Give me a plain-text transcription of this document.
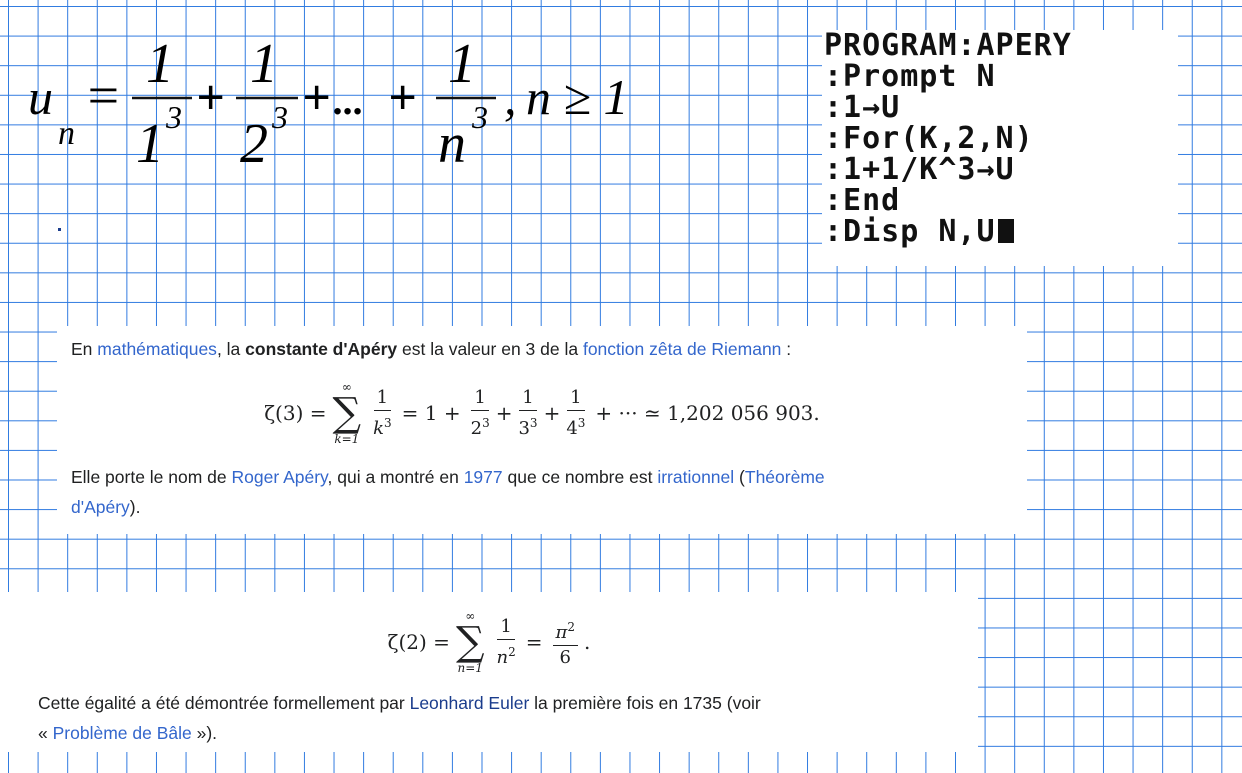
u
n
=
1
1 3 +
1
2 3 + ... +
1
n 3 , n ≥ 1
PROGRAM:APERY
:Prompt N
:1→U
:For(K,2,N)
:1+1/K^3→U
:End
:Disp N,U
En mathématiques, la constante d'Apéry est la valeur en 3 de la fonction zêta de Riemann :
ζ(3) =
∞
∑
$k=1 \frac{1}{k^3} = 1 + \frac{1}{2^3} + \frac{1}{3^3} + \frac{1}{4^3}$ + ··· ≃ 1,202 056 903.
Elle porte le nom de Roger Apéry, qui a montré en 1977 que ce nombre est irrationnel (Théorème
d'Apéry).
ζ(2) =
∞
∑
$n=1 \frac{1}{n^2} = \frac{\pi^2}{6}$ .
Cette égalité a été démontrée formellement par Leonhard Euler la première fois en 1735 (voir
« Problème de Bâle »).
